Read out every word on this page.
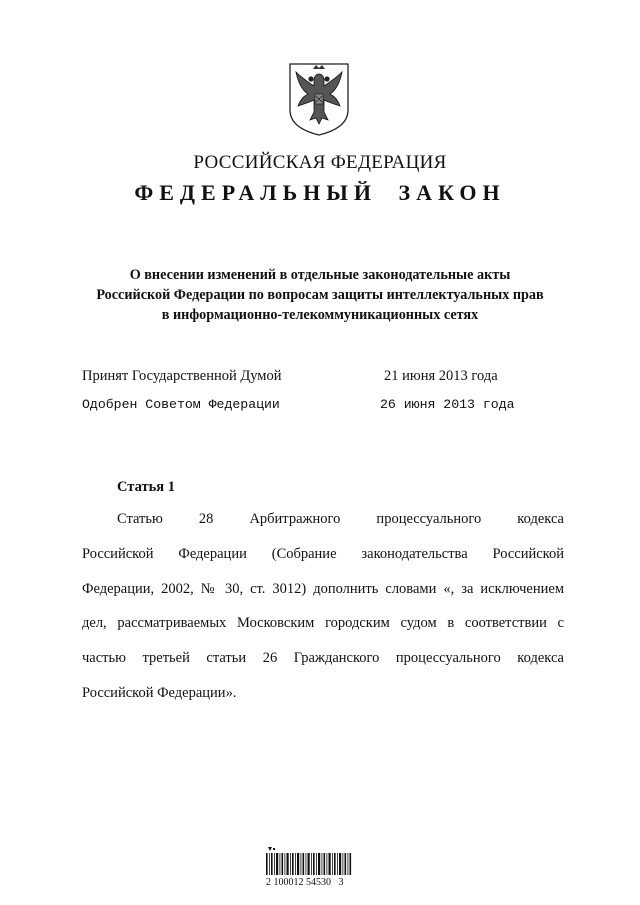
РОССИЙСКАЯ ФЕДЕРАЦИЯ
ФЕДЕРАЛЬНЫЙ ЗАКОН
О внесении изменений в отдельные законодательные акты
Российской Федерации по вопросам защиты интеллектуальных прав
в информационно-телекоммуникационных сетях
Принят Государственной Думой	21 июня 2013 года
Одобрен Советом Федерации	26 июня 2013 года
Статья 1
Статью 28 Арбитражного процессуального кодекса
Российской Федерации (Собрание законодательства Российской
Федерации, 2002, № 30, ст. 3012) дополнить словами «, за исключением
дел, рассматриваемых Московским городским судом в соответствии с
частью третьей статьи 26 Гражданского процессуального кодекса
Российской Федерации».
2 100012 54530   3
